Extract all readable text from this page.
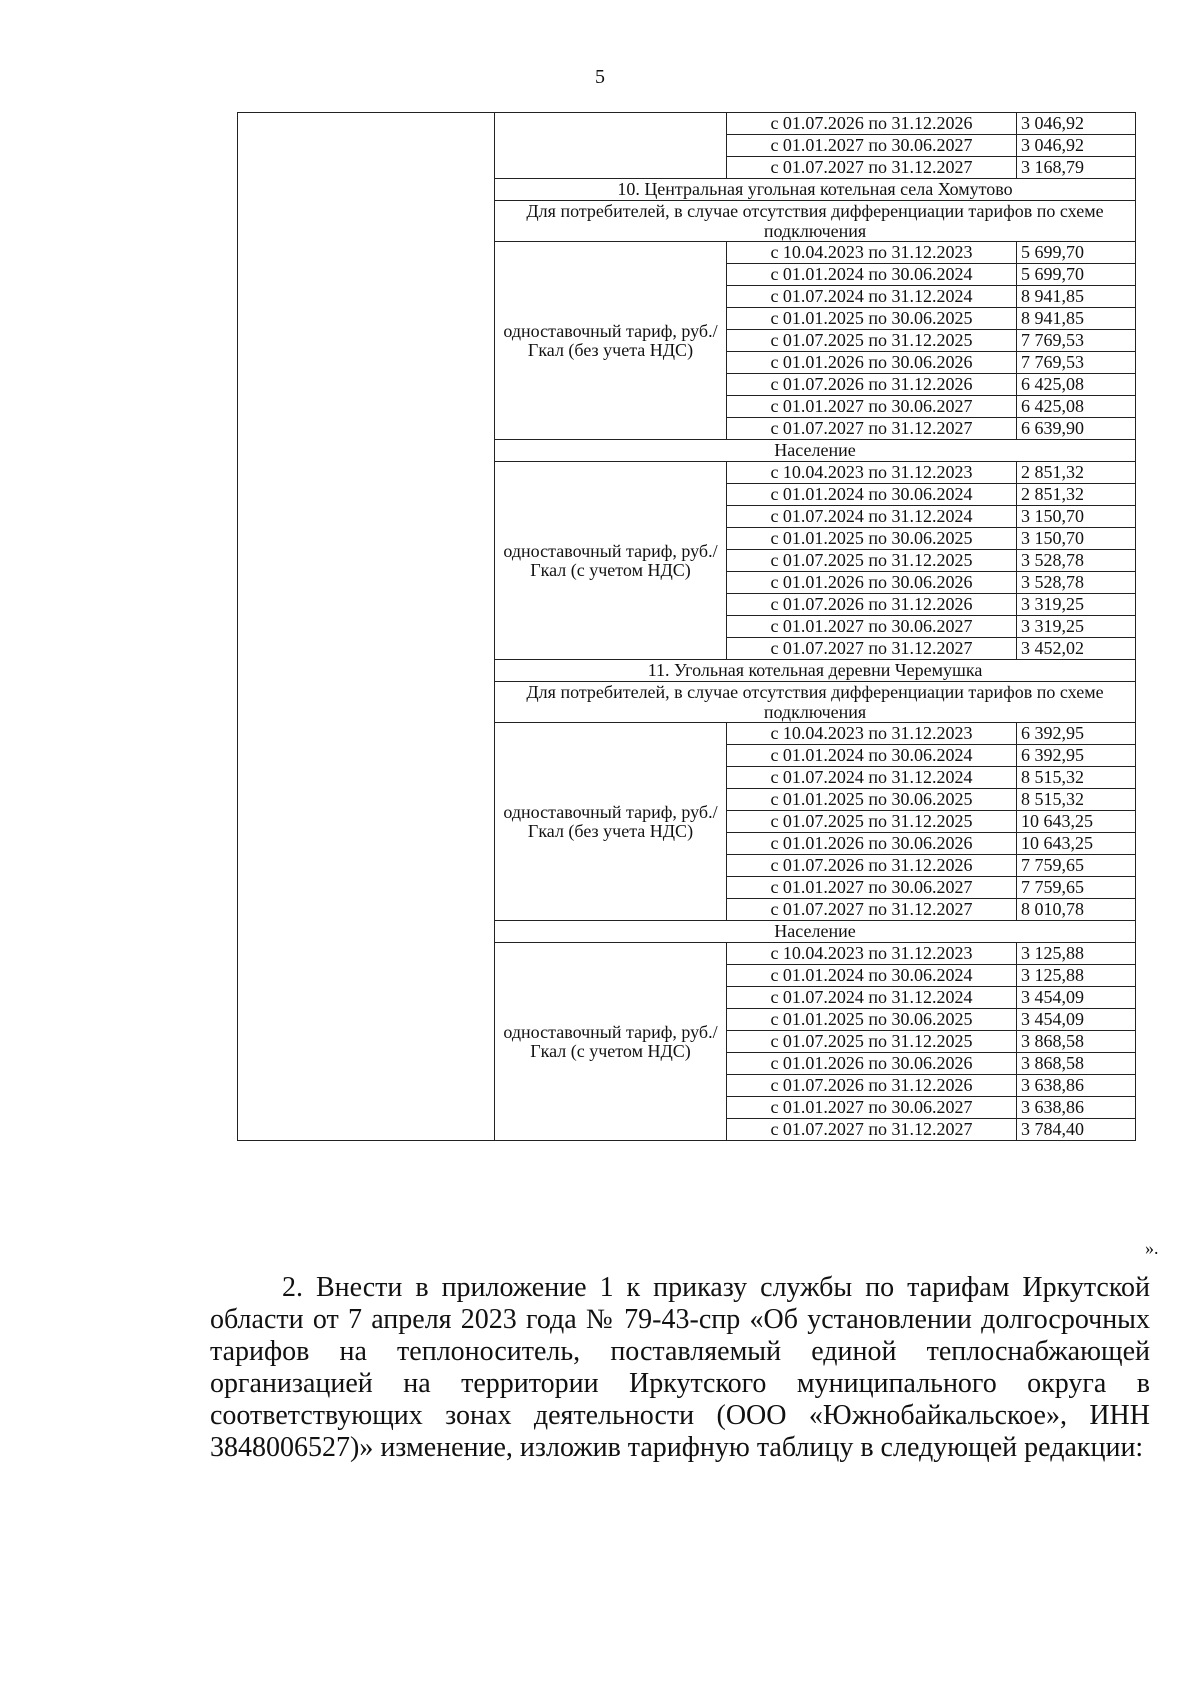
5
		с 01.07.2026 по 31.12.2026	3 046,92
		с 01.01.2027 по 30.06.2027	3 046,92
		с 01.07.2027 по 31.12.2027	3 168,79
	10. Центральная угольная котельная села Хомутово		
	Для потребителей, в случае отсутствия дифференциации тарифов по схеме подключения		
	одноставочный тариф, руб./Гкал (без учета НДС)	с 10.04.2023 по 31.12.2023	5 699,70
		с 01.01.2024 по 30.06.2024	5 699,70
		с 01.07.2024 по 31.12.2024	8 941,85
		с 01.01.2025 по 30.06.2025	8 941,85
		с 01.07.2025 по 31.12.2025	7 769,53
		с 01.01.2026 по 30.06.2026	7 769,53
		с 01.07.2026 по 31.12.2026	6 425,08
		с 01.01.2027 по 30.06.2027	6 425,08
		с 01.07.2027 по 31.12.2027	6 639,90
	Население		
	одноставочный тариф, руб./Гкал (с учетом НДС)	с 10.04.2023 по 31.12.2023	2 851,32
		с 01.01.2024 по 30.06.2024	2 851,32
		с 01.07.2024 по 31.12.2024	3 150,70
		с 01.01.2025 по 30.06.2025	3 150,70
		с 01.07.2025 по 31.12.2025	3 528,78
		с 01.01.2026 по 30.06.2026	3 528,78
		с 01.07.2026 по 31.12.2026	3 319,25
		с 01.01.2027 по 30.06.2027	3 319,25
		с 01.07.2027 по 31.12.2027	3 452,02
	11. Угольная котельная деревни Черемушка		
	Для потребителей, в случае отсутствия дифференциации тарифов по схеме подключения		
	одноставочный тариф, руб./Гкал (без учета НДС)	с 10.04.2023 по 31.12.2023	6 392,95
		с 01.01.2024 по 30.06.2024	6 392,95
		с 01.07.2024 по 31.12.2024	8 515,32
		с 01.01.2025 по 30.06.2025	8 515,32
		с 01.07.2025 по 31.12.2025	10 643,25
		с 01.01.2026 по 30.06.2026	10 643,25
		с 01.07.2026 по 31.12.2026	7 759,65
		с 01.01.2027 по 30.06.2027	7 759,65
		с 01.07.2027 по 31.12.2027	8 010,78
	Население		
	одноставочный тариф, руб./Гкал (с учетом НДС)	с 10.04.2023 по 31.12.2023	3 125,88
		с 01.01.2024 по 30.06.2024	3 125,88
		с 01.07.2024 по 31.12.2024	3 454,09
		с 01.01.2025 по 30.06.2025	3 454,09
		с 01.07.2025 по 31.12.2025	3 868,58
		с 01.01.2026 по 30.06.2026	3 868,58
		с 01.07.2026 по 31.12.2026	3 638,86
		с 01.01.2027 по 30.06.2027	3 638,86
		с 01.07.2027 по 31.12.2027	3 784,40
».
2. Внести в приложение 1 к приказу службы по тарифам Иркутской области от 7 апреля 2023 года № 79-43-спр «Об установлении долгосрочных тарифов на теплоноситель, поставляемый единой теплоснабжающей организацией на территории Иркутского муниципального округа в соответствующих зонах деятельности (ООО «Южнобайкальское», ИНН 3848006527)» изменение, изложив тарифную таблицу в следующей редакции:
